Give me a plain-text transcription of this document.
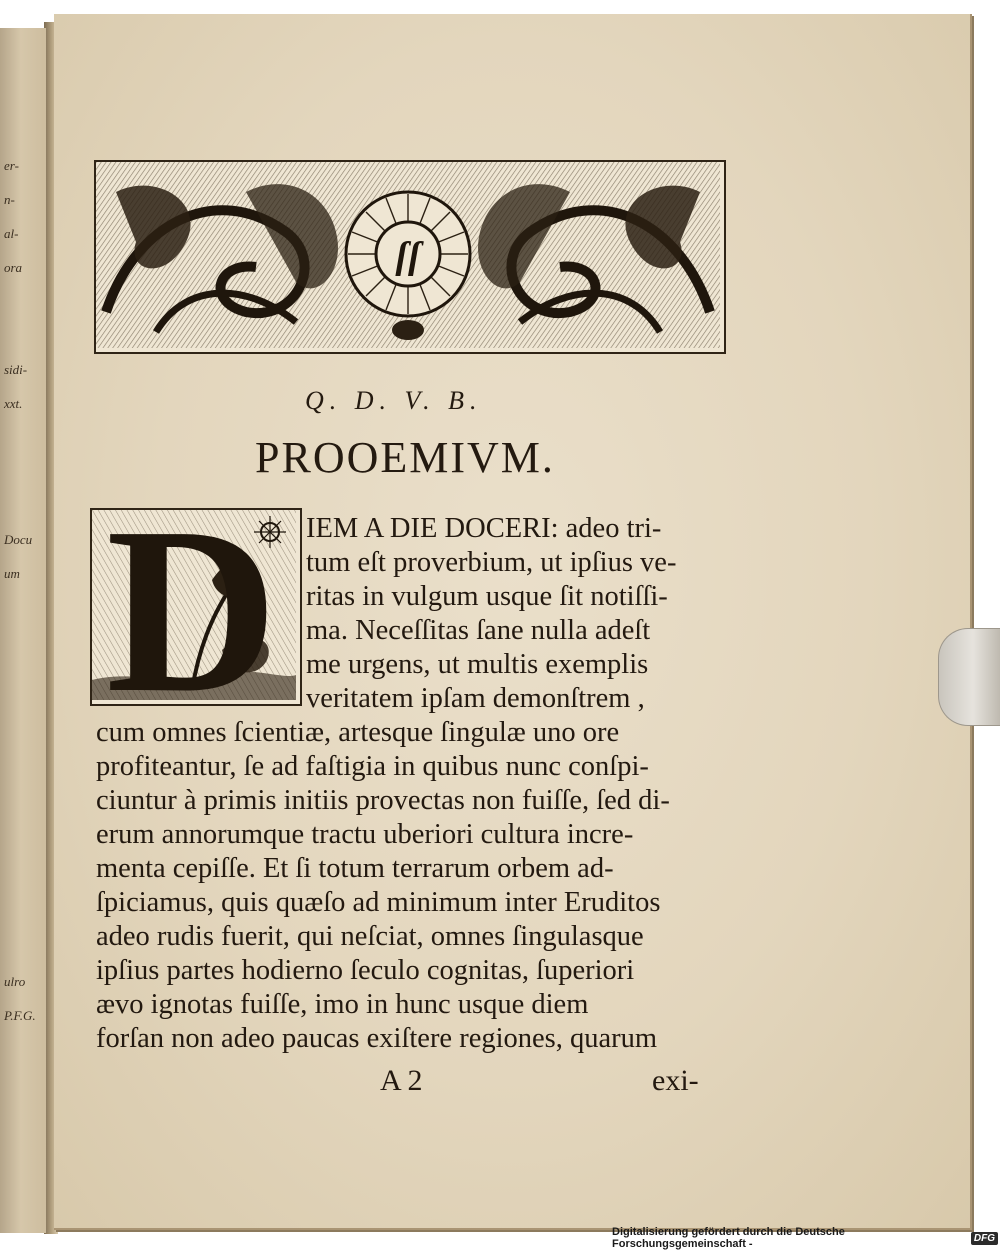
er-
n-
al-
ora
sidi-
xxt.
Docu
um
ulro
P.F.G.
ſſ
Q. D. V. B.
PROOEMIVM.
D IEM A DIE DOCERI: adeo tri-
tum eſt proverbium, ut ipſius ve-
ritas in vulgum usque ſit notiſſi-
ma. Neceſſitas ſane nulla adeſt
me urgens, ut multis exemplis
veritatem ipſam demonſtrem ,
cum omnes ſcientiæ, artesque ſingulæ uno ore
profiteantur, ſe ad faſtigia in quibus nunc conſpi-
ciuntur à primis initiis provectas non fuiſſe, ſed di-
erum annorumque tractu uberiori cultura incre-
menta cepiſſe. Et ſi totum terrarum orbem ad-
ſpiciamus, quis quæſo ad minimum inter Eruditos
adeo rudis fuerit, qui neſciat, omnes ſingulasque
ipſius partes hodierno ſeculo cognitas, ſuperiori
ævo ignotas fuiſſe, imo in hunc usque diem
forſan non adeo paucas exiſtere regiones, quarum
A 2	exi-
Digitalisierung gefördert durch die Deutsche Forschungsgemeinschaft -	DFG
